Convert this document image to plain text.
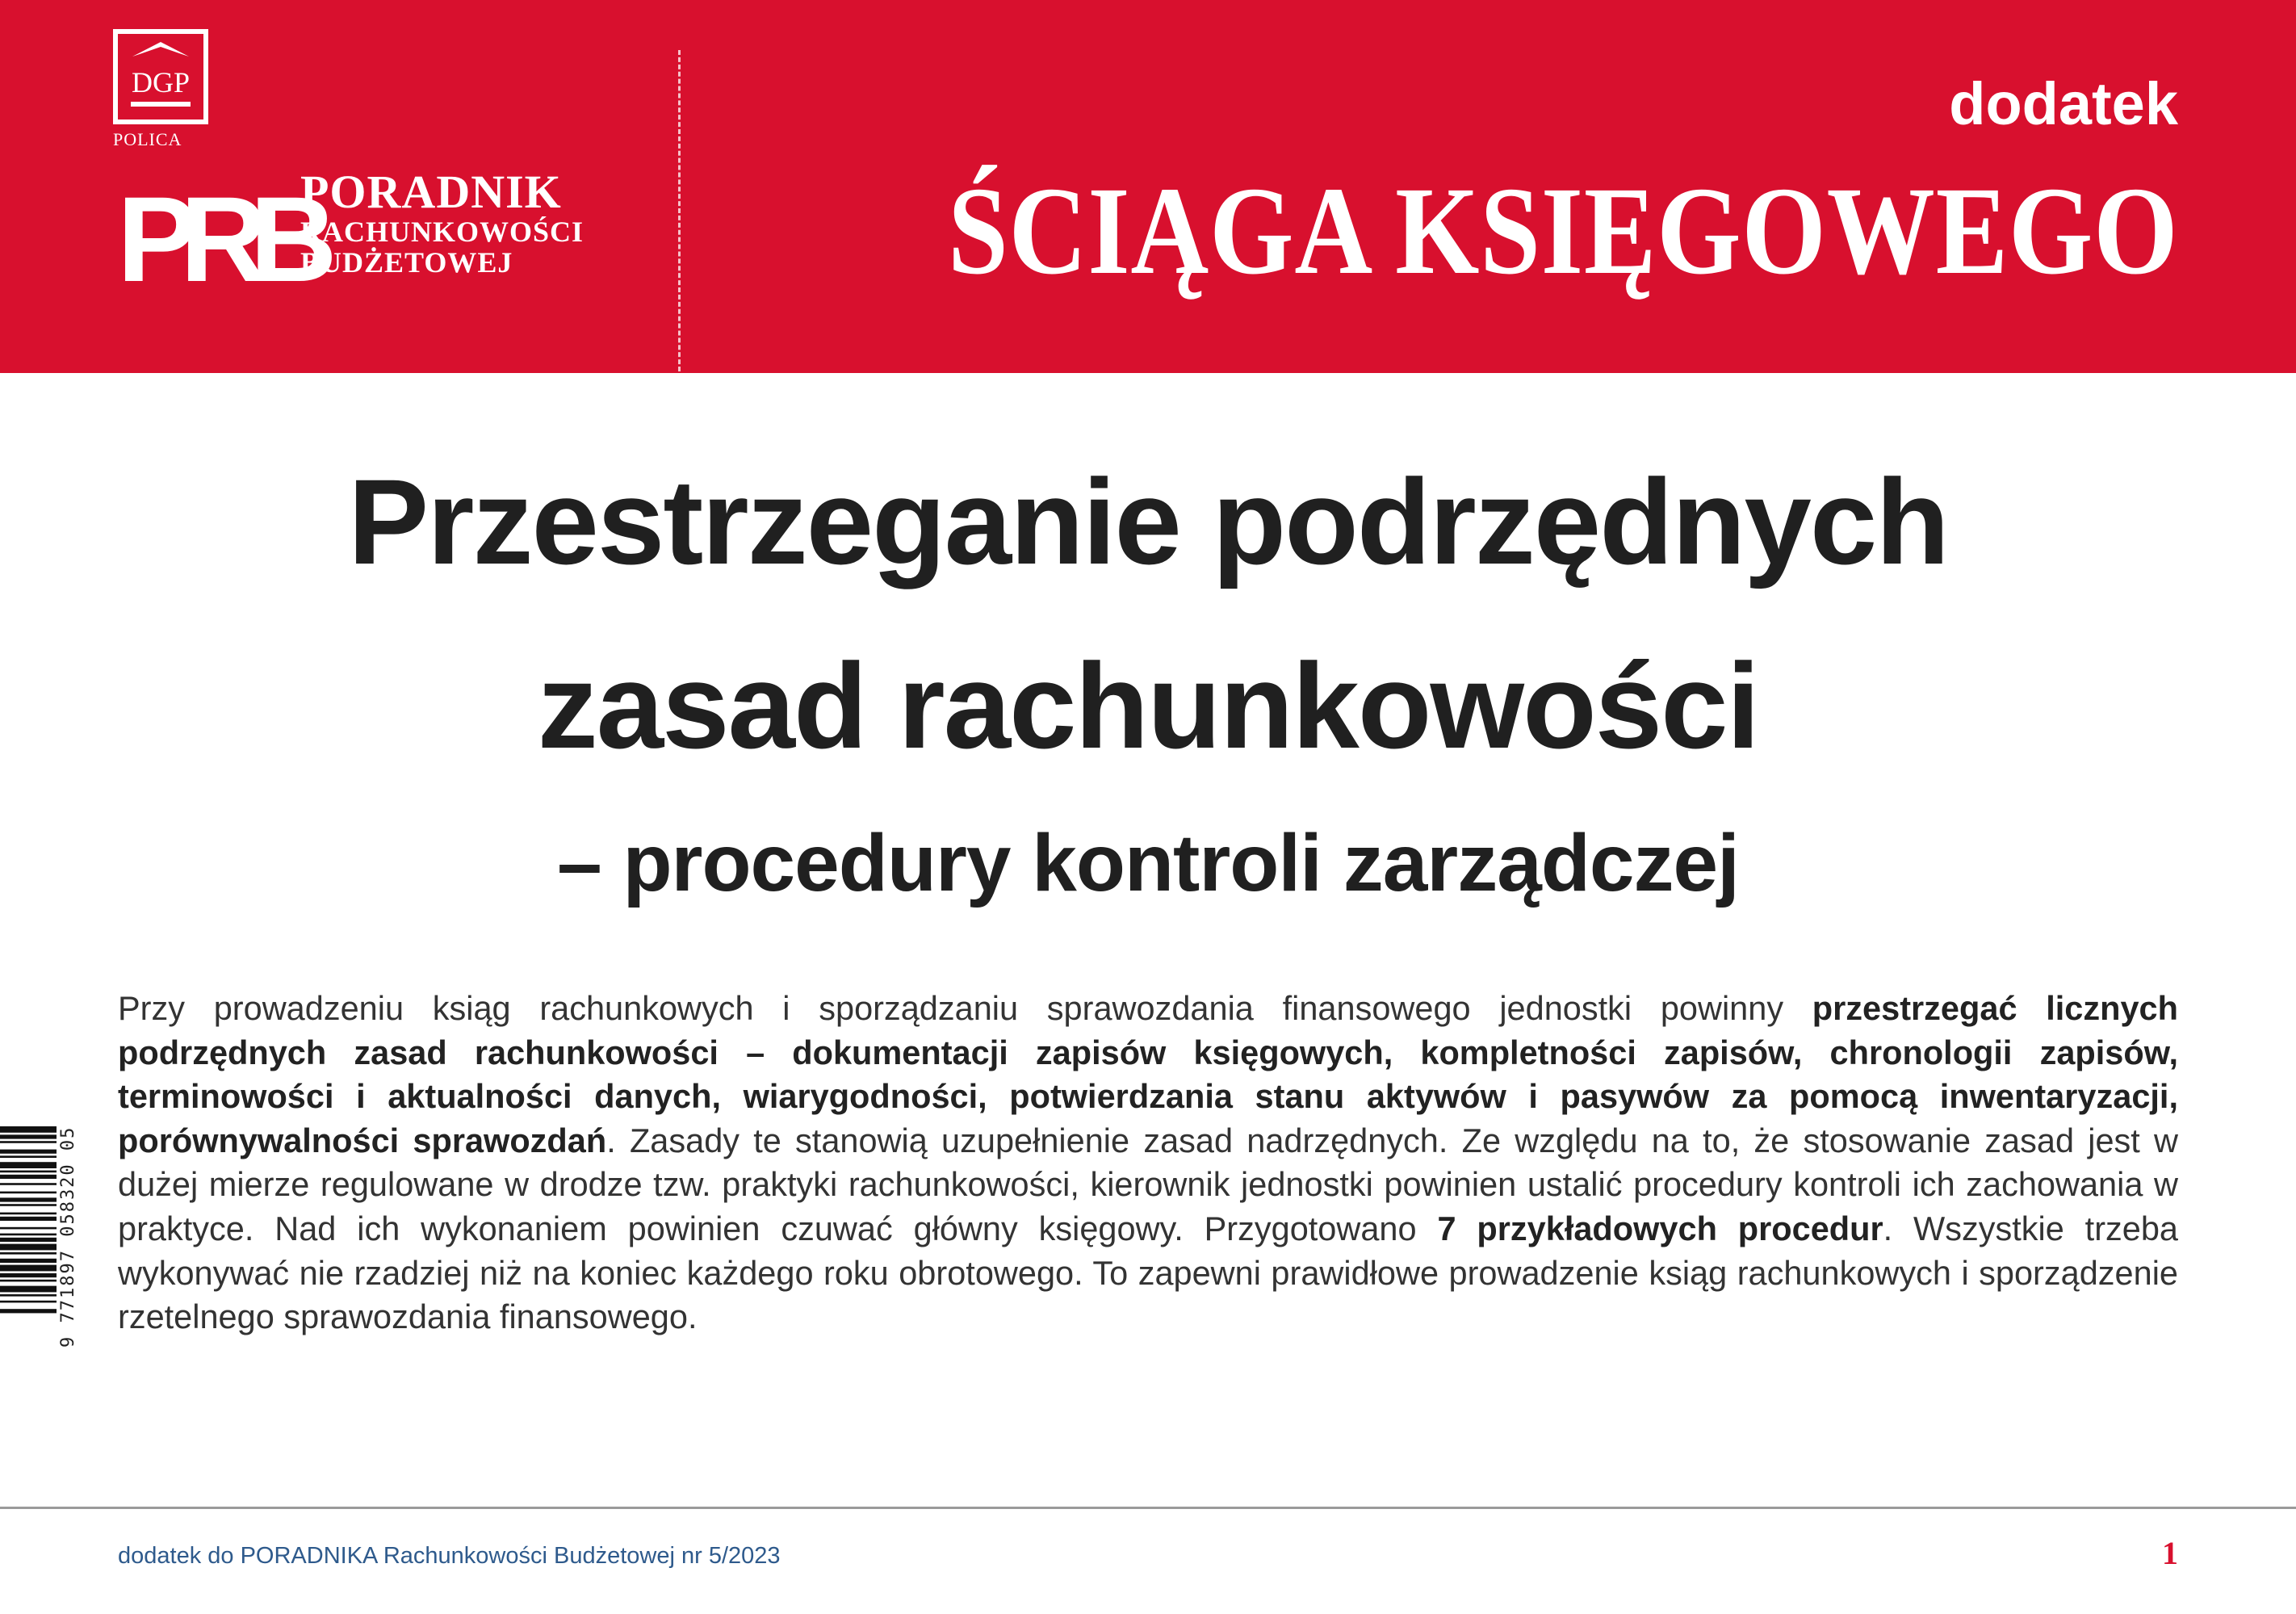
DGP
POLICA
PRB
PORADNIK
RACHUNKOWOŚCI
BUDŻETOWEJ
dodatek
ŚCIĄGA KSIĘGOWEGO
Przestrzeganie podrzędnych
zasad rachunkowości
– procedury kontroli zarządczej
Przy prowadzeniu ksiąg rachunkowych i sporządzaniu sprawozdania finansowego jednostki powinny przestrzegać licznych podrzędnych zasad rachunkowości – dokumentacji zapisów księgowych, kompletności zapisów, chronologii zapisów, terminowości i aktualności danych, wiarygodności, potwierdzania stanu aktywów i pasywów za pomocą inwentaryzacji, porównywalności sprawozdań. Zasady te stanowią uzupełnienie zasad nadrzędnych. Ze względu na to, że stosowanie zasad jest w dużej mierze regulowane w drodze tzw. praktyki rachunkowości, kierownik jednostki powinien ustalić procedury kontroli ich zachowania w praktyce. Nad ich wykonaniem powinien czuwać główny księgowy. Przygotowano 7 przykładowych procedur. Wszystkie trzeba wykonywać nie rzadziej niż na koniec każdego roku obrotowego. To zapewni prawidłowe prowadzenie ksiąg rachunkowych i sporządzenie rzetelnego sprawozdania finansowego.
9 771897 058320 05
dodatek do PORADNIKA Rachunkowości Budżetowej nr 5/2023	1
